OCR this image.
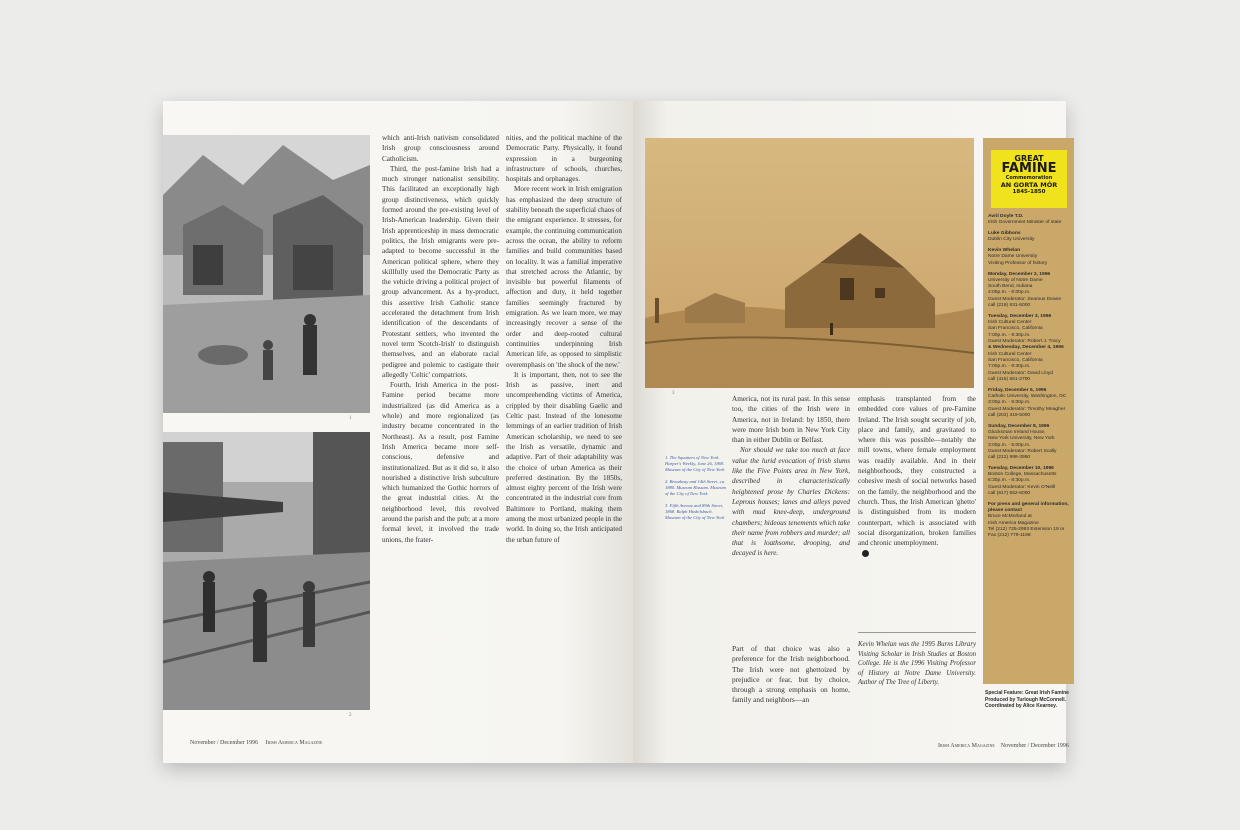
1
2

which anti-Irish nativism consolidated Irish group consciousness around Catholicism.

Third, the post-famine Irish had a much stronger nationalist sensibility. This facilitated an exceptionally high group distinctiveness, which quickly formed around the pre-existing level of Irish-American leadership. Given their Irish apprenticeship in mass democratic politics, the Irish emigrants were pre-adapted to become successful in the American political sphere, where they skillfully used the Democratic Party as the vehicle driving a political project of group advancement. As a by-product, this assertive Irish Catholic stance accelerated the detachment from Irish identification of the descendants of Protestant settlers, who invented the novel term 'Scotch-Irish' to distinguish themselves, and an elaborate racial pedigree and polemic to castigate their allegedly 'Celtic' compatriots.

Fourth, Irish America in the post-Famine period became more industrialized (as did America as a whole) and more regionalized (as industry became concentrated in the Northeast). As a result, post Famine Irish America became more self-conscious, defensive and institutionalized. But as it did so, it also nourished a distinctive Irish subculture which humanized the Gothic horrors of the great industrial cities. At the neighborhood level, this revolved around the parish and the pub; at a more formal level, it involved the trade unions, the frater-

nities, and the political machine of the Democratic Party. Physically, it found expression in a burgeoning infrastructure of schools, churches, hospitals and orphanages.

More recent work in Irish emigration has emphasized the deep structure of stability beneath the superficial chaos of the emigrant experience. It stresses, for example, the continuing communication across the ocean, the ability to reform families and build communities based on locality. It was a familial imperative that stretched across the Atlantic, by invisible but powerful filaments of affection and duty, it held together families seemingly fractured by emigration. As we learn more, we may increasingly recover a sense of the order and deep-rooted cultural continuities underpinning Irish American life, as opposed to simplistic overemphasis on 'the shock of the new.'

It is important, then, not to see the Irish as passive, inert and uncomprehending victims of America, crippled by their disabling Gaelic and Celtic past. Instead of the lonesome lemmings of an earlier tradition of Irish American scholarship, we need to see the Irish as versatile, dynamic and adaptive. Part of their adaptability was the choice of urban America as their preferred destination. By the 1850s, almost eighty percent of the Irish were concentrated in the industrial core from Baltimore to Portland, making them among the most urbanized people in the world. In doing so, the Irish anticipated the urban future of

November / December 1996 Irish America Magazine
3
1. The Squatters of New York. Harper's Weekly, June 26, 1869. Museum of the City of New York
2. Broadway and 14th Street, ca. 1880. Museum Hassam. Museum of the City of New York
3. Fifth Avenue and 89th Street, 1868. Ralph Hinkelsbach. Museum of the City of New York

America, not its rural past. In this sense too, the cities of the Irish were in America, not in Ireland: by 1850, there were more Irish born in New York City than in either Dublin or Belfast.

Nor should we take too much at face value the lurid evocation of Irish slums like the Five Points area in New York, described in characteristically heightened prose by Charles Dickens: Leprous houses; lanes and alleys paved with mud knee-deep, underground chambers; hideous tenements which take their name from robbers and murder; all that is loathsome, drooping, and decayed is here.

Part of that choice was also a preference for the Irish neighborhood. The Irish were not ghettoized by prejudice or fear, but by choice, through a strong emphasis on home, family and neighbors—an

emphasis transplanted from the embedded core values of pre-Famine Ireland. The Irish sought security of job, place and family, and gravitated to where this was possible—notably the mill towns, where female employment was readily available. And in their neighborhoods, they constructed a cohesive mesh of social networks based on the family, the neighborhood and the church. Thus, the Irish American 'ghetto' is distinguished from its modern counterpart, which is associated with social disorganization, broken families and chronic unemployment.

Kevin Whelan was the 1995 Burns Library Visiting Scholar in Irish Studies at Boston College. He is the 1996 Visiting Professor of History at Notre Dame University. Author of The Tree of Liberty.

GREAT
FAMINE
Commemoration
AN GORTA MÓR
1845-1850
Avril Doyle T.D.
Irish Government Minister of state
Luke Gibbons
Dublin City University
Kevin Whelan
Notre Dame University
Visiting Professor of history
Monday, December 2, 1996
University of Notre Dame
South Bend, Indiana
4:00p.m. - 6:00p.m.
Guest Moderator: Seamus Deane
call (219) 631-5000
Tuesday, December 3, 1996
Irish Cultural Center
San Francisco, California
7:00p.m. - 9:30p.m.
Guest Moderator: Robert J. Tracy
& Wednesday, December 4, 1996
Irish Cultural Center
San Francisco, California
7:00p.m. - 9:30p.m.
Guest Moderator: David Lloyd
call (415) 661-2700
Friday, December 6, 1996
Catholic University, Washington, DC
3:00p.m. - 5:00p.m.
Guest Moderator: Timothy Meagher
call (202) 319-5000
Sunday, December 8, 1996
Glucksman Ireland House,
New York University, New York
3:00p.m. - 5:00p.m.
Guest Moderator: Robert Scally
call (212) 998-3950
Tuesday, December 10, 1996
Boston College, Massachusetts
6:30p.m. - 8:30p.m.
Guest Moderator: Kevin O'Neill
call (617) 552-6000
For press and general information, please contact
Bruce McMorland at
Irish America Magazine
Tel (212) 725-2993 Extension 19 or
Fax (212) 779-1198
Special Feature: Great Irish Famine Produced by Turlough McConnell. Coordinated by Alice Kearney.
Irish America Magazine November / December 1996
